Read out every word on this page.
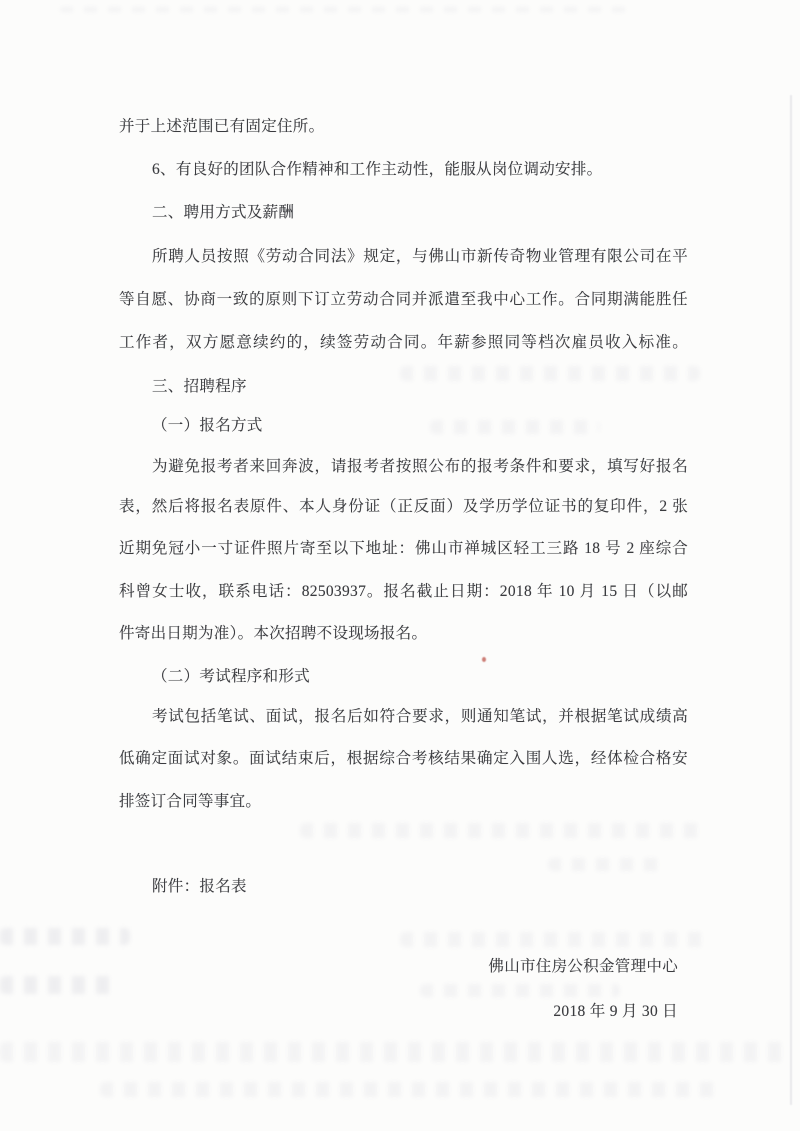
并于上述范围已有固定住所。
6、有良好的团队合作精神和工作主动性，能服从岗位调动安排。
二、聘用方式及薪酬
所聘人员按照《劳动合同法》规定，与佛山市新传奇物业管理有限公司在平
等自愿、协商一致的原则下订立劳动合同并派遣至我中心工作。合同期满能胜任
工作者，双方愿意续约的，续签劳动合同。年薪参照同等档次雇员收入标准。
三、招聘程序
（一）报名方式
为避免报考者来回奔波，请报考者按照公布的报考条件和要求，填写好报名
表，然后将报名表原件、本人身份证（正反面）及学历学位证书的复印件，2 张
近期免冠小一寸证件照片寄至以下地址：佛山市禅城区轻工三路 18 号 2 座综合
科曾女士收，联系电话：82503937。报名截止日期：2018 年 10 月 15 日（以邮
件寄出日期为准）。本次招聘不设现场报名。
（二）考试程序和形式
考试包括笔试、面试，报名后如符合要求，则通知笔试，并根据笔试成绩高
低确定面试对象。面试结束后，根据综合考核结果确定入围人选，经体检合格安
排签订合同等事宜。
附件：报名表
佛山市住房公积金管理中心
2018 年 9 月 30 日
